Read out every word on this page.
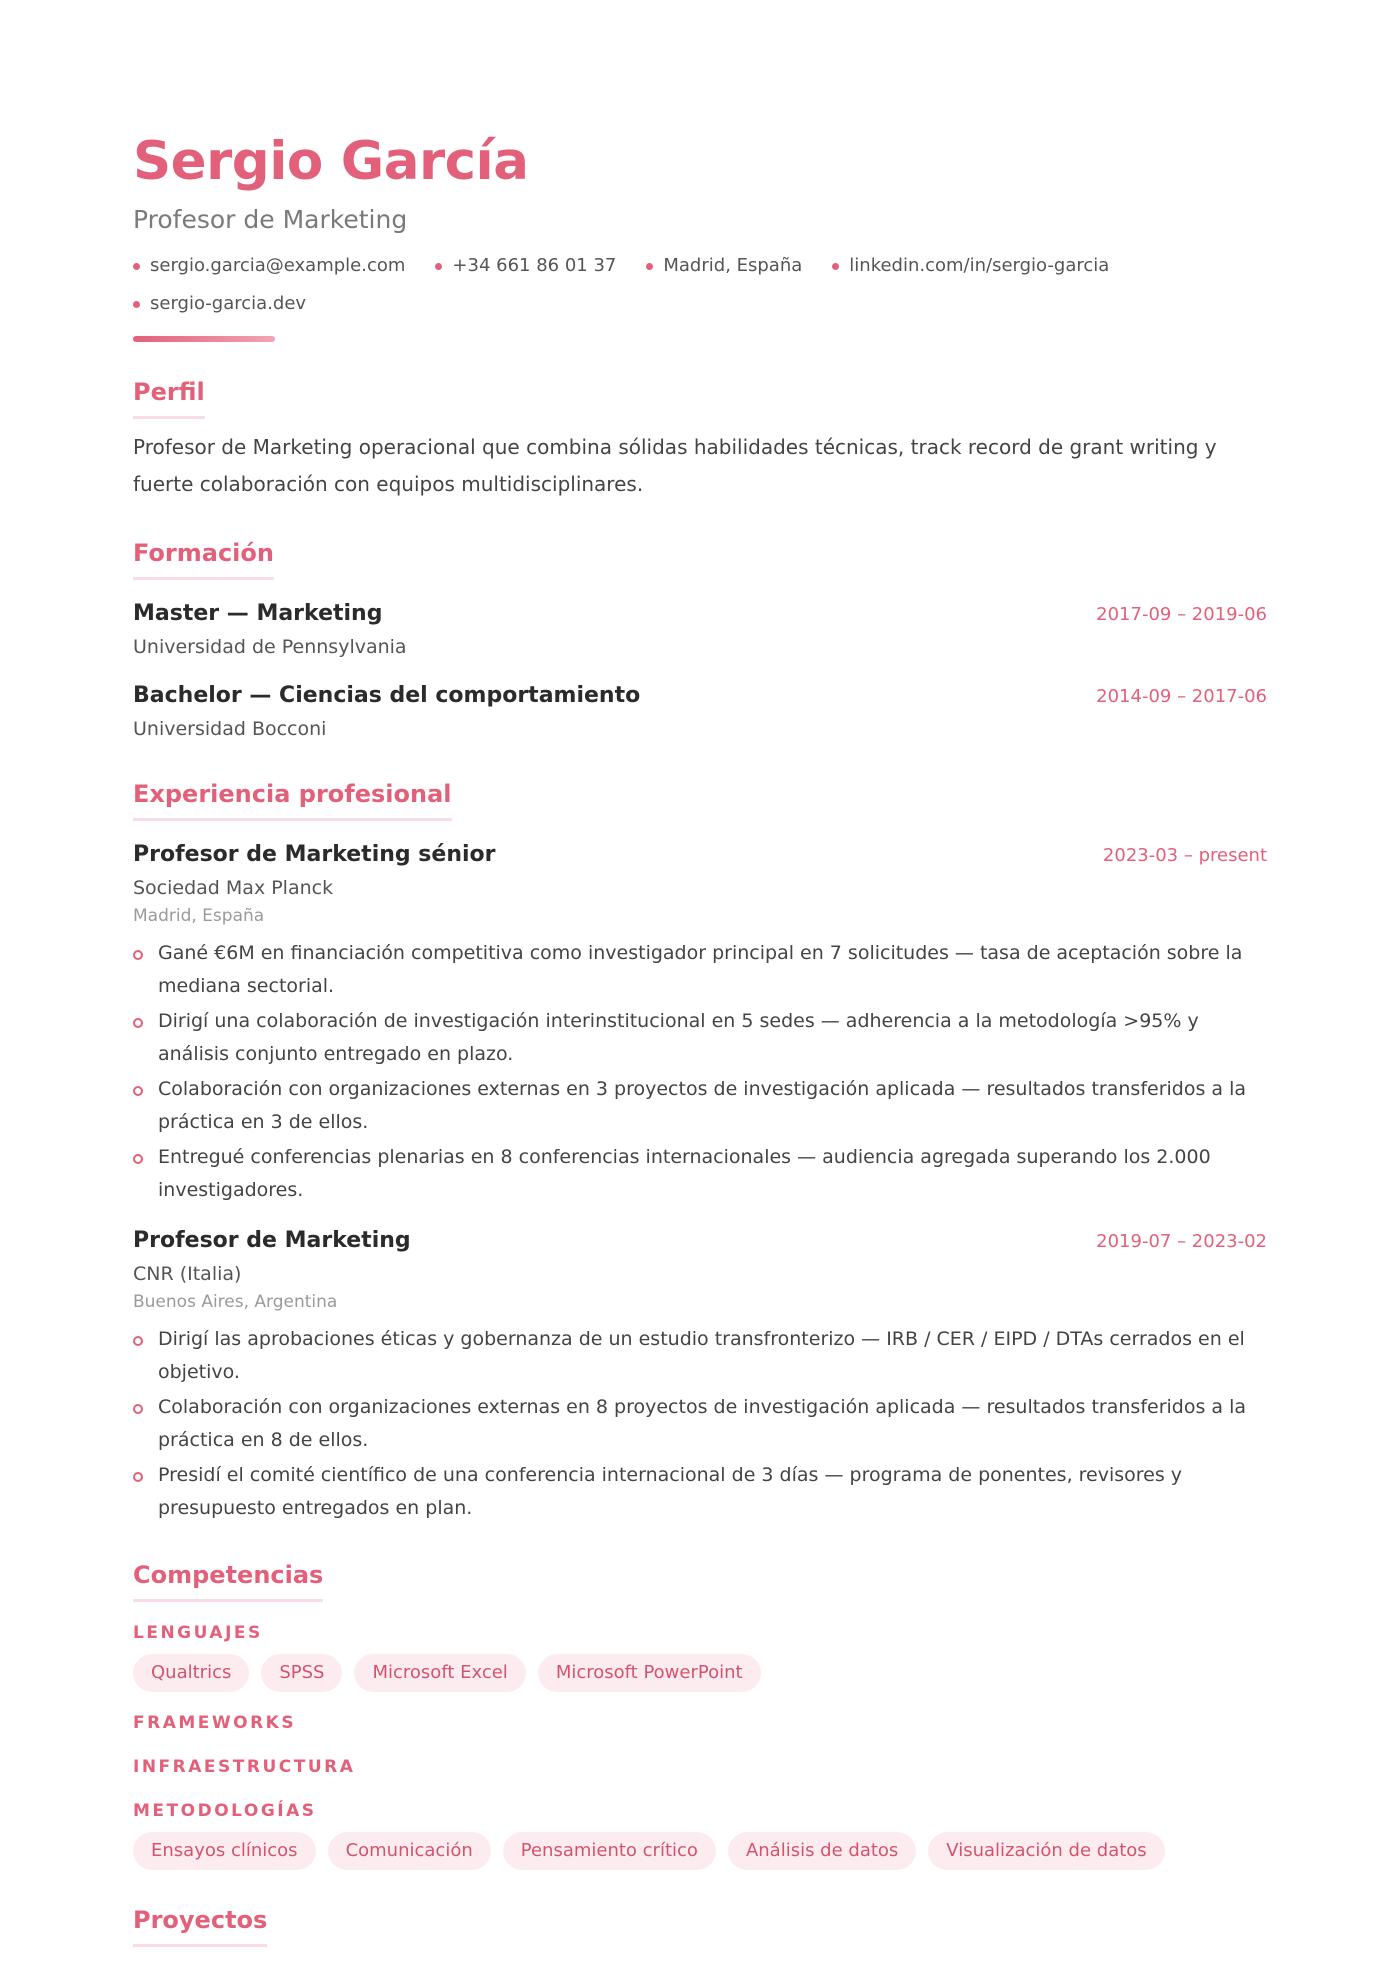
Sergio García
Profesor de Marketing
sergio.garcia@example.com	+34 661 86 01 37	Madrid, España	linkedin.com/in/sergio-garcia
sergio-garcia.dev
Perfil

Profesor de Marketing operacional que combina sólidas habilidades técnicas, track record de grant writing y fuerte colaboración con equipos multidisciplinares.

Formación
Master — Marketing	2017-09 – 2019-06
Universidad de Pennsylvania
Bachelor — Ciencias del comportamiento	2014-09 – 2017-06
Universidad Bocconi
Experiencia profesional
Profesor de Marketing sénior	2023-03 – present
Sociedad Max Planck
Madrid, España
Gané €6M en financiación competitiva como investigador principal en 7 solicitudes — tasa de aceptación sobre la mediana sectorial.
Dirigí una colaboración de investigación interinstitucional en 5 sedes — adherencia a la metodología >95% y análisis conjunto entregado en plazo.
Colaboración con organizaciones externas en 3 proyectos de investigación aplicada — resultados transferidos a la práctica en 3 de ellos.
Entregué conferencias plenarias en 8 conferencias internacionales — audiencia agregada superando los 2.000 investigadores.
Profesor de Marketing	2019-07 – 2023-02
CNR (Italia)
Buenos Aires, Argentina
Dirigí las aprobaciones éticas y gobernanza de un estudio transfronterizo — IRB / CER / EIPD / DTAs cerrados en el objetivo.
Colaboración con organizaciones externas en 8 proyectos de investigación aplicada — resultados transferidos a la práctica en 8 de ellos.
Presidí el comité científico de una conferencia internacional de 3 días — programa de ponentes, revisores y presupuesto entregados en plan.
Competencias
LENGUAJES
Qualtrics	SPSS	Microsoft Excel	Microsoft PowerPoint
FRAMEWORKS
INFRAESTRUCTURA
METODOLOGÍAS
Ensayos clínicos	Comunicación	Pensamiento crítico	Análisis de datos	Visualización de datos
Proyectos
